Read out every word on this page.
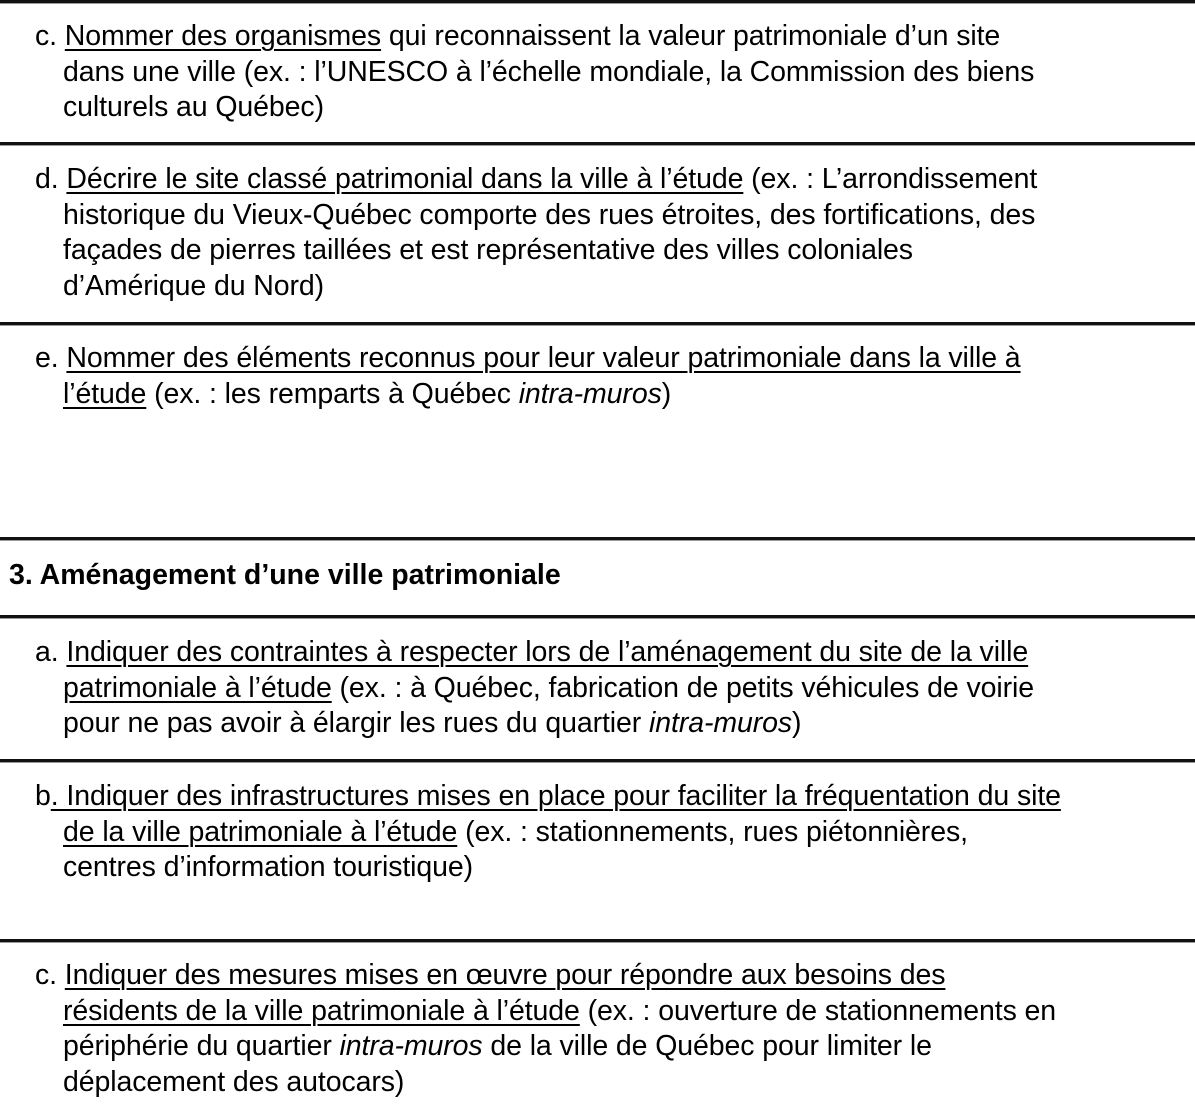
c. Nommer des organismes qui reconnaissent la valeur patrimoniale d’un site
dans une ville (ex. : l’UNESCO à l’échelle mondiale, la Commission des biens
culturels au Québec)
d. Décrire le site classé patrimonial dans la ville à l’étude (ex. : L’arrondissement
historique du Vieux-Québec comporte des rues étroites, des fortifications, des
façades de pierres taillées et est représentative des villes coloniales
d’Amérique du Nord)
e. Nommer des éléments reconnus pour leur valeur patrimoniale dans la ville à
l’étude (ex. : les remparts à Québec intra-muros)
3. Aménagement d’une ville patrimoniale
a. Indiquer des contraintes à respecter lors de l’aménagement du site de la ville
patrimoniale à l’étude (ex. : à Québec, fabrication de petits véhicules de voirie
pour ne pas avoir à élargir les rues du quartier intra-muros)
b. Indiquer des infrastructures mises en place pour faciliter la fréquentation du site
de la ville patrimoniale à l’étude (ex. : stationnements, rues piétonnières,
centres d’information touristique)
c. Indiquer des mesures mises en œuvre pour répondre aux besoins des
résidents de la ville patrimoniale à l’étude (ex. : ouverture de stationnements en
périphérie du quartier intra-muros de la ville de Québec pour limiter le
déplacement des autocars)
